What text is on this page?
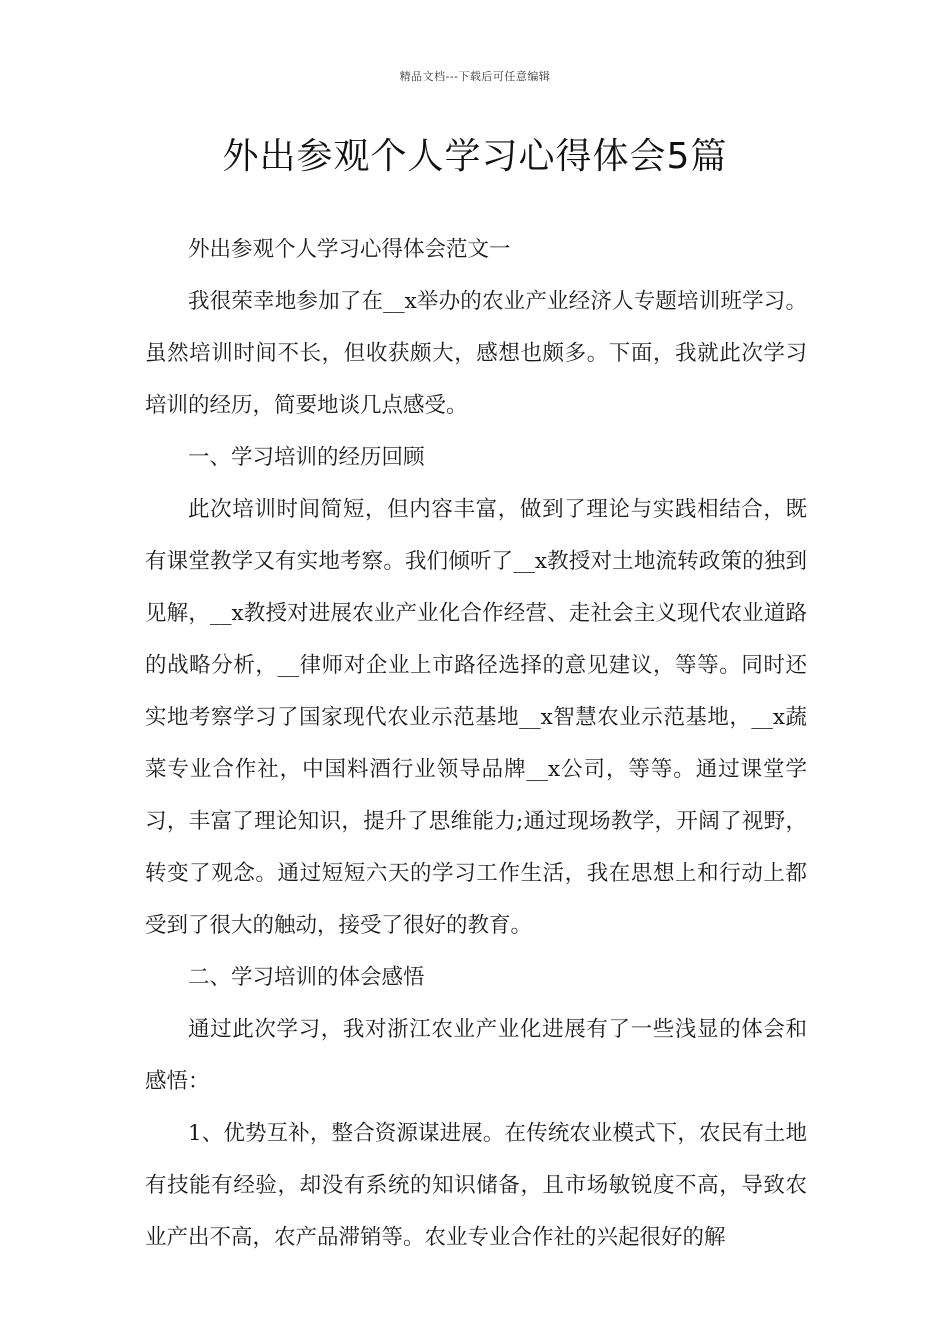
精品文档---下载后可任意编辑
外出参观个人学习心得体会5篇

外出参观个人学习心得体会范文一

我很荣幸地参加了在__x举办的农业产业经济人专题培训班学习。虽然培训时间不长，但收获颇大，感想也颇多。下面，我就此次学习培训的经历，简要地谈几点感受。

一、学习培训的经历回顾

此次培训时间简短，但内容丰富，做到了理论与实践相结合，既有课堂教学又有实地考察。我们倾听了__x教授对土地流转政策的独到见解，__x教授对进展农业产业化合作经营、走社会主义现代农业道路的战略分析，__律师对企业上市路径选择的意见建议，等等。同时还实地考察学习了国家现代农业示范基地__x智慧农业示范基地，__x蔬菜专业合作社，中国料酒行业领导品牌__x公司，等等。通过课堂学习，丰富了理论知识，提升了思维能力;通过现场教学，开阔了视野，转变了观念。通过短短六天的学习工作生活，我在思想上和行动上都受到了很大的触动，接受了很好的教育。

二、学习培训的体会感悟

通过此次学习，我对浙江农业产业化进展有了一些浅显的体会和感悟：

1、优势互补，整合资源谋进展。在传统农业模式下，农民有土地有技能有经验，却没有系统的知识储备，且市场敏锐度不高，导致农业产出不高，农产品滞销等。农业专业合作社的兴起很好的解
